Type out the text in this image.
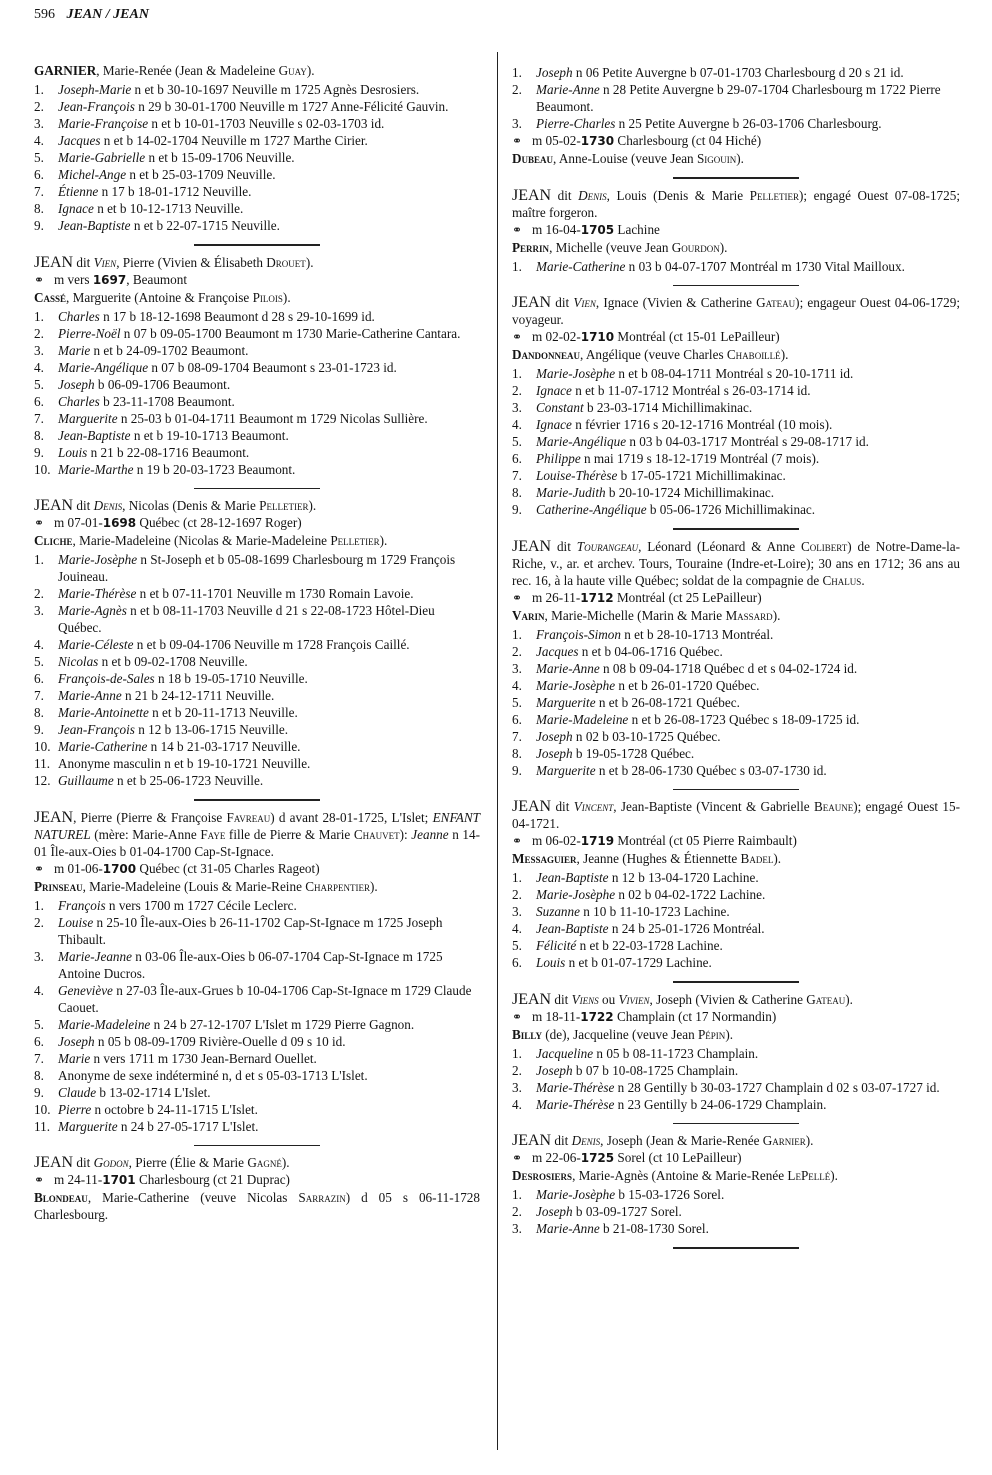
596 JEAN / JEAN

GARNIER, Marie-Renée (Jean & Madeleine Guay).

1.	Joseph-Marie n et b 30-10-1697 Neuville m 1725 Agnès Desrosiers.
2.	Jean-François n 29 b 30-01-1700 Neuville m 1727 Anne-Félicité Gauvin.
3.	Marie-Françoise n et b 10-01-1703 Neuville s 02-03-1703 id.
4.	Jacques n et b 14-02-1704 Neuville m 1727 Marthe Cirier.
5.	Marie-Gabrielle n et b 15-09-1706 Neuville.
6.	Michel-Ange n et b 25-03-1709 Neuville.
7.	Étienne n 17 b 18-01-1712 Neuville.
8.	Ignace n et b 10-12-1713 Neuville.
9.	Jean-Baptiste n et b 22-07-1715 Neuville.

JEAN dit Vien, Pierre (Vivien & Élisabeth Drouet).

⚭ m vers 1697, Beaumont

Cassé, Marguerite (Antoine & Françoise Pilois).

1.	Charles n 17 b 18-12-1698 Beaumont d 28 s 29-10-1699 id.
2.	Pierre-Noël n 07 b 09-05-1700 Beaumont m 1730 Marie-Catherine Cantara.
3.	Marie n et b 24-09-1702 Beaumont.
4.	Marie-Angélique n 07 b 08-09-1704 Beaumont s 23-01-1723 id.
5.	Joseph b 06-09-1706 Beaumont.
6.	Charles b 23-11-1708 Beaumont.
7.	Marguerite n 25-03 b 01-04-1711 Beaumont m 1729 Nicolas Sullière.
8.	Jean-Baptiste n et b 19-10-1713 Beaumont.
9.	Louis n 21 b 22-08-1716 Beaumont.
10. Marie-Marthe n 19 b 20-03-1723 Beaumont.

JEAN dit Denis, Nicolas (Denis & Marie Pelletier).

⚭ m 07-01-1698 Québec (ct 28-12-1697 Roger)

Cliche, Marie-Madeleine (Nicolas & Marie-Madeleine Pelletier).

1.	Marie-Josèphe n St-Joseph et b 05-08-1699 Charlesbourg m 1729 François Jouineau.
2.	Marie-Thérèse n et b 07-11-1701 Neuville m 1730 Romain Lavoie.
3.	Marie-Agnès n et b 08-11-1703 Neuville d 21 s 22-08-1723 Hôtel-Dieu Québec.
4.	Marie-Céleste n et b 09-04-1706 Neuville m 1728 François Caillé.
5.	Nicolas n et b 09-02-1708 Neuville.
6.	François-de-Sales n 18 b 19-05-1710 Neuville.
7.	Marie-Anne n 21 b 24-12-1711 Neuville.
8.	Marie-Antoinette n et b 20-11-1713 Neuville.
9.	Jean-François n 12 b 13-06-1715 Neuville.
10. Marie-Catherine n 14 b 21-03-1717 Neuville.
11. Anonyme masculin n et b 19-10-1721 Neuville.
12. Guillaume n et b 25-06-1723 Neuville.

JEAN, Pierre (Pierre & Françoise Favreau) d avant 28-01-1725, L'Islet; ENFANT NATUREL (mère: Marie-Anne Faye fille de Pierre & Marie Chauvet): Jeanne n 14-01 Île-aux-Oies b 01-04-1700 Cap-St-Ignace.

⚭ m 01-06-1700 Québec (ct 31-05 Charles Rageot)

Prinseau, Marie-Madeleine (Louis & Marie-Reine Charpentier).

1.	François n vers 1700 m 1727 Cécile Leclerc.
2.	Louise n 25-10 Île-aux-Oies b 26-11-1702 Cap-St-Ignace m 1725 Joseph Thibault.
3.	Marie-Jeanne n 03-06 Île-aux-Oies b 06-07-1704 Cap-St-Ignace m 1725 Antoine Ducros.
4.	Geneviève n 27-03 Île-aux-Grues b 10-04-1706 Cap-St-Ignace m 1729 Claude Caouet.
5.	Marie-Madeleine n 24 b 27-12-1707 L'Islet m 1729 Pierre Gagnon.
6.	Joseph n 05 b 08-09-1709 Rivière-Ouelle d 09 s 10 id.
7.	Marie n vers 1711 m 1730 Jean-Bernard Ouellet.
8.	Anonyme de sexe indéterminé n, d et s 05-03-1713 L'Islet.
9.	Claude b 13-02-1714 L'Islet.
10. Pierre n octobre b 24-11-1715 L'Islet.
11. Marguerite n 24 b 27-05-1717 L'Islet.

JEAN dit Godon, Pierre (Élie & Marie Gagné).

⚭ m 24-11-1701 Charlesbourg (ct 21 Duprac)

Blondeau, Marie-Catherine (veuve Nicolas Sarrazin) d 05 s 06-11-1728 Charlesbourg.

1.	Joseph n 06 Petite Auvergne b 07-01-1703 Charlesbourg d 20 s 21 id.
2.	Marie-Anne n 28 Petite Auvergne b 29-07-1704 Charlesbourg m 1722 Pierre Beaumont.
3.	Pierre-Charles n 25 Petite Auvergne b 26-03-1706 Charlesbourg.

⚭ m 05-02-1730 Charlesbourg (ct 04 Hiché)

Dubeau, Anne-Louise (veuve Jean Sigouin).

JEAN dit Denis, Louis (Denis & Marie Pelletier); engagé Ouest 07-08-1725; maître forgeron.

⚭ m 16-04-1705 Lachine

Perrin, Michelle (veuve Jean Gourdon).

1.	Marie-Catherine n 03 b 04-07-1707 Montréal m 1730 Vital Mailloux.

JEAN dit Vien, Ignace (Vivien & Catherine Gateau); engageur Ouest 04-06-1729; voyageur.

⚭ m 02-02-1710 Montréal (ct 15-01 LePailleur)

Dandonneau, Angélique (veuve Charles Chaboillé).

1.	Marie-Josèphe n et b 08-04-1711 Montréal s 20-10-1711 id.
2.	Ignace n et b 11-07-1712 Montréal s 26-03-1714 id.
3.	Constant b 23-03-1714 Michillimakinac.
4.	Ignace n février 1716 s 20-12-1716 Montréal (10 mois).
5.	Marie-Angélique n 03 b 04-03-1717 Montréal s 29-08-1717 id.
6.	Philippe n mai 1719 s 18-12-1719 Montréal (7 mois).
7.	Louise-Thérèse b 17-05-1721 Michillimakinac.
8.	Marie-Judith b 20-10-1724 Michillimakinac.
9.	Catherine-Angélique b 05-06-1726 Michillimakinac.

JEAN dit Tourangeau, Léonard (Léonard & Anne Colibert) de Notre-Dame-la-Riche, v., ar. et archev. Tours, Touraine (Indre-et-Loire); 30 ans en 1712; 36 ans au rec. 16, à la haute ville Québec; soldat de la compagnie de Chalus.

⚭ m 26-11-1712 Montréal (ct 25 LePailleur)

Varin, Marie-Michelle (Marin & Marie Massard).

1.	François-Simon n et b 28-10-1713 Montréal.
2.	Jacques n et b 04-06-1716 Québec.
3.	Marie-Anne n 08 b 09-04-1718 Québec d et s 04-02-1724 id.
4.	Marie-Josèphe n et b 26-01-1720 Québec.
5.	Marguerite n et b 26-08-1721 Québec.
6.	Marie-Madeleine n et b 26-08-1723 Québec s 18-09-1725 id.
7.	Joseph n 02 b 03-10-1725 Québec.
8.	Joseph b 19-05-1728 Québec.
9.	Marguerite n et b 28-06-1730 Québec s 03-07-1730 id.

JEAN dit Vincent, Jean-Baptiste (Vincent & Gabrielle Beaune); engagé Ouest 15-04-1721.

⚭ m 06-02-1719 Montréal (ct 05 Pierre Raimbault)

Messaguier, Jeanne (Hughes & Étiennette Badel).

1.	Jean-Baptiste n 12 b 13-04-1720 Lachine.
2.	Marie-Josèphe n 02 b 04-02-1722 Lachine.
3.	Suzanne n 10 b 11-10-1723 Lachine.
4.	Jean-Baptiste n 24 b 25-01-1726 Montréal.
5.	Félicité n et b 22-03-1728 Lachine.
6.	Louis n et b 01-07-1729 Lachine.

JEAN dit Viens ou Vivien, Joseph (Vivien & Catherine Gateau).

⚭ m 18-11-1722 Champlain (ct 17 Normandin)

Billy (de), Jacqueline (veuve Jean Pépin).

1.	Jacqueline n 05 b 08-11-1723 Champlain.
2.	Joseph b 07 b 10-08-1725 Champlain.
3.	Marie-Thérèse n 28 Gentilly b 30-03-1727 Champlain d 02 s 03-07-1727 id.
4.	Marie-Thérèse n 23 Gentilly b 24-06-1729 Champlain.

JEAN dit Denis, Joseph (Jean & Marie-Renée Garnier).

⚭ m 22-06-1725 Sorel (ct 10 LePailleur)

Desrosiers, Marie-Agnès (Antoine & Marie-Renée LePellé).

1.	Marie-Josèphe b 15-03-1726 Sorel.
2.	Joseph b 03-09-1727 Sorel.
3.	Marie-Anne b 21-08-1730 Sorel.
